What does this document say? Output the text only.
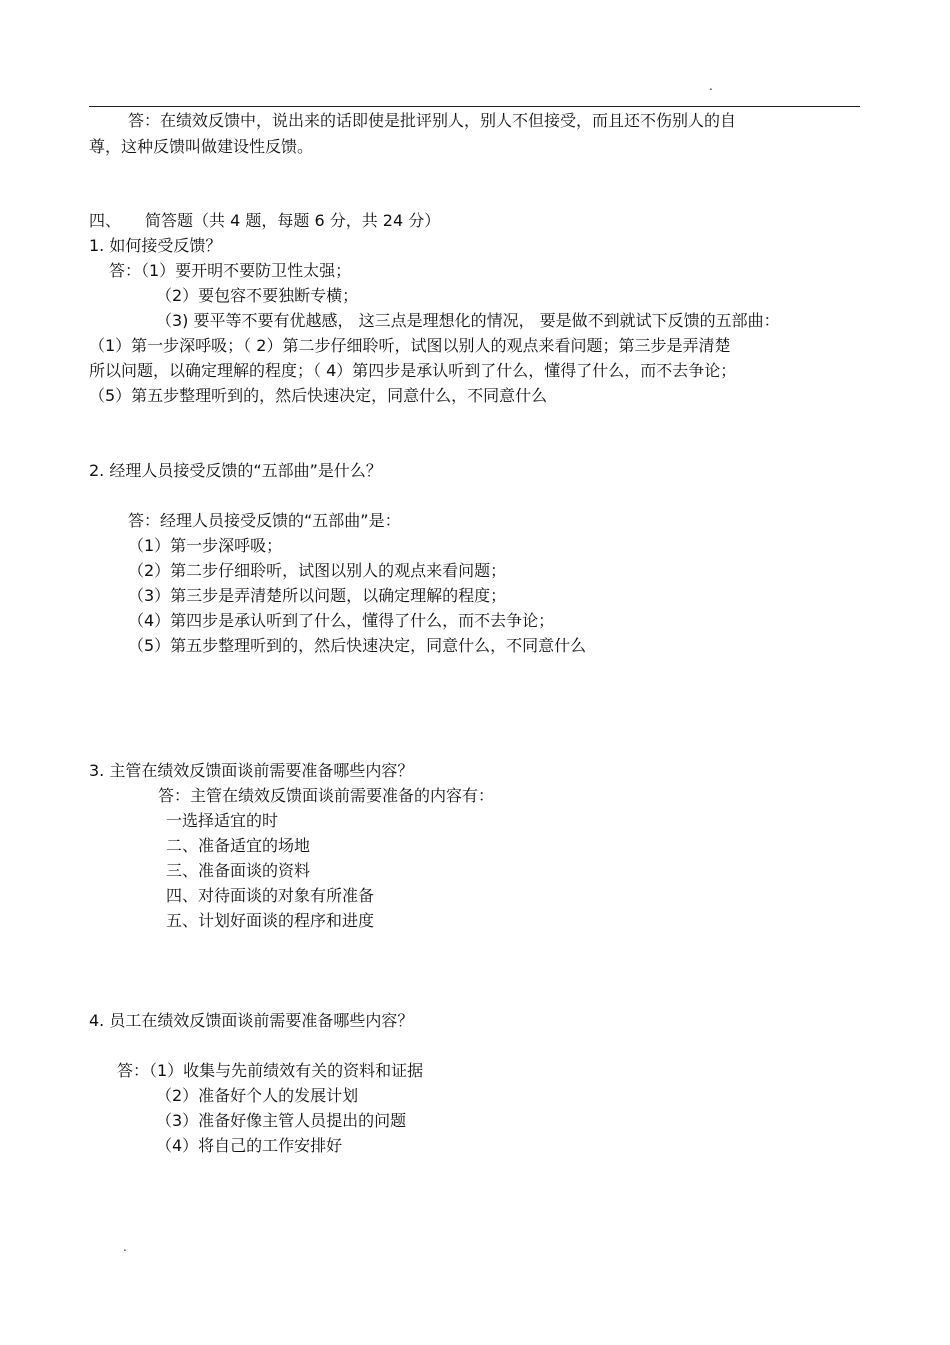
.
答：在绩效反馈中，说出来的话即使是批评别人，别人不但接受，而且还不伤别人的自
尊，这种反馈叫做建设性反馈。
四、　　简答题（共 4 题，每题 6 分，共 24 分）
1. 如何接受反馈？
答：（1）要开明不要防卫性太强；
（2）要包容不要独断专横；
（3) 要平等不要有优越感， 这三点是理想化的情况， 要是做不到就试下反馈的五部曲：
（1）第一步深呼吸；（ 2）第二步仔细聆听，试图以别人的观点来看问题；第三步是弄清楚
所以问题，以确定理解的程度；（ 4）第四步是承认听到了什么，懂得了什么，而不去争论；
（5）第五步整理听到的，然后快速决定，同意什么，不同意什么
2. 经理人员接受反馈的“五部曲”是什么？
答：经理人员接受反馈的“五部曲”是：
（1）第一步深呼吸；
（2）第二步仔细聆听，试图以别人的观点来看问题；
（3）第三步是弄清楚所以问题，以确定理解的程度；
（4）第四步是承认听到了什么，懂得了什么，而不去争论；
（5）第五步整理听到的，然后快速决定，同意什么，不同意什么
3. 主管在绩效反馈面谈前需要准备哪些内容？
答：主管在绩效反馈面谈前需要准备的内容有：
一选择适宜的时
二、准备适宜的场地
三、准备面谈的资料
四、对待面谈的对象有所准备
五、计划好面谈的程序和进度
4. 员工在绩效反馈面谈前需要准备哪些内容？
答：（1）收集与先前绩效有关的资料和证据
（2）准备好个人的发展计划
（3）准备好像主管人员提出的问题
（4）将自己的工作安排好
.
